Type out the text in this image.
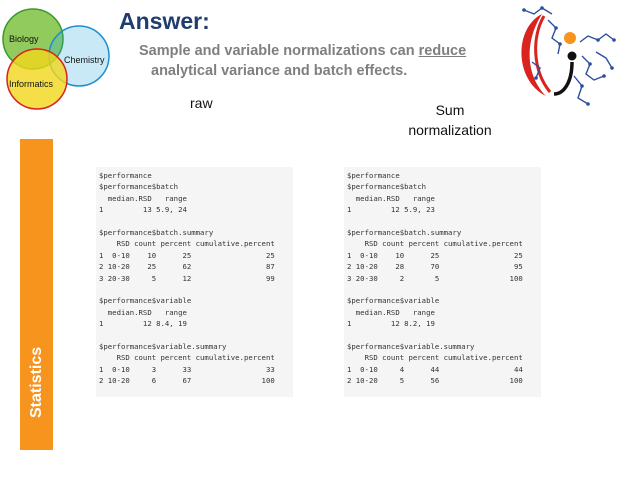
Biology
Chemistry
Informatics
Answer:
Sample and variable normalizations can reduce
analytical variance and batch effects.
raw	Sum
normalization
Statistics
$performance
$performance$batch
median.RSD   range
1         13 5.9, 24
$performance$batch.summary
RSD count percent cumulative.percent
1  0-10    10      25                 25
2 10-20    25      62                 87
3 20-30     5      12                 99
$performance$variable
median.RSD   range
1         12 8.4, 19
$performance$variable.summary
RSD count percent cumulative.percent
1  0-10     3      33                 33
2 10-20     6      67                100
$performance
$performance$batch
median.RSD   range
1         12 5.9, 23
$performance$batch.summary
RSD count percent cumulative.percent
1  0-10    10      25                 25
2 10-20    28      70                 95
3 20-30     2       5                100
$performance$variable
median.RSD   range
1         12 8.2, 19
$performance$variable.summary
RSD count percent cumulative.percent
1  0-10     4      44                 44
2 10-20     5      56                100
